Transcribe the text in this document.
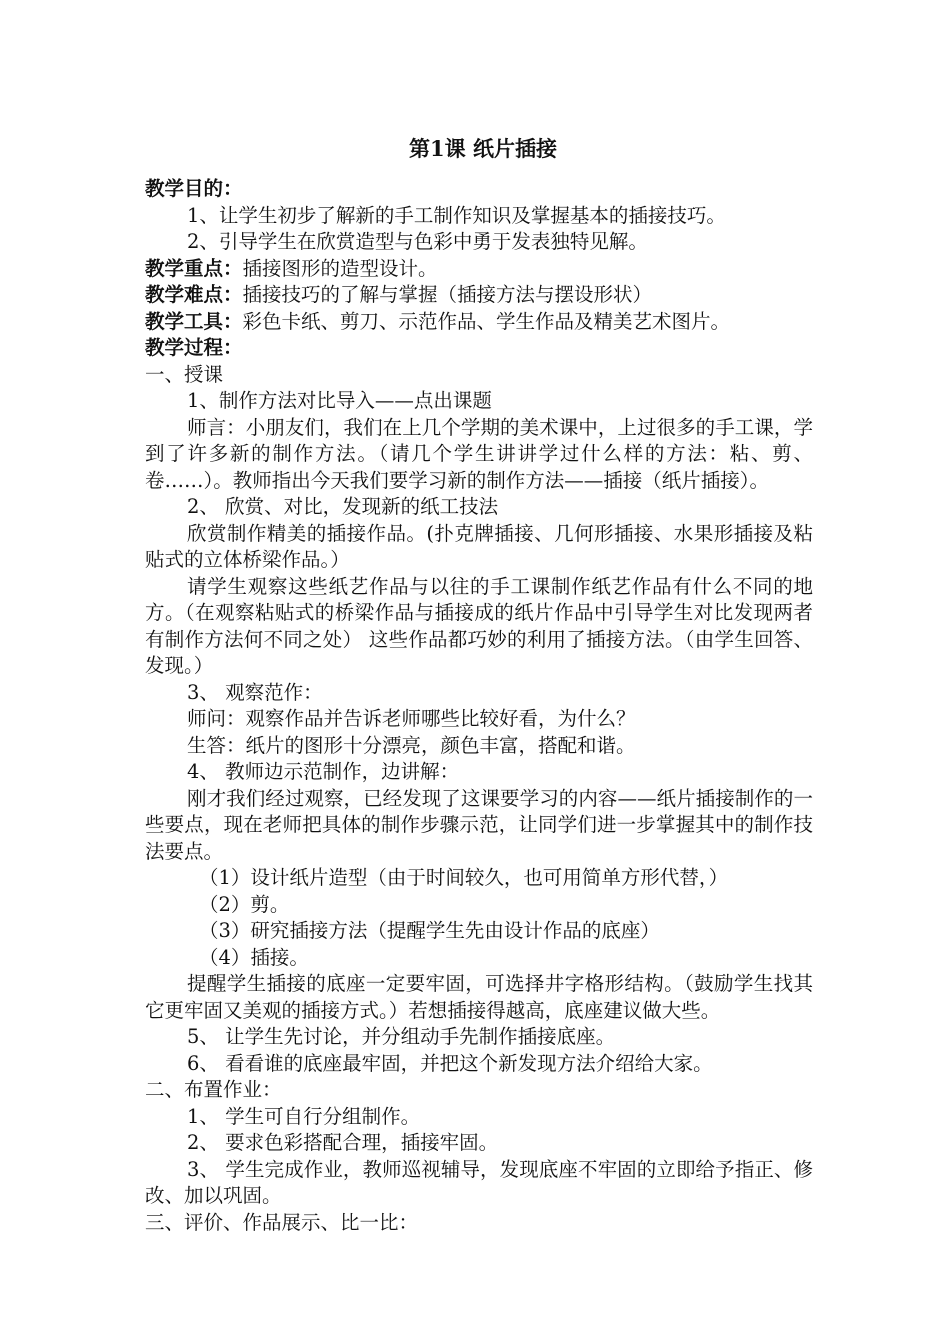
第1课 纸片插接
教学目的：
1、让学生初步了解新的手工制作知识及掌握基本的插接技巧。
2、引导学生在欣赏造型与色彩中勇于发表独特见解。
教学重点：插接图形的造型设计。
教学难点：插接技巧的了解与掌握（插接方法与摆设形状）
教学工具：彩色卡纸、剪刀、示范作品、学生作品及精美艺术图片。
教学过程：
一、授课
1、制作方法对比导入——点出课题
师言：小朋友们，我们在上几个学期的美术课中，上过很多的手工课，学到了许多新的制作方法。（请几个学生讲讲学过什么样的方法：粘、剪、卷……）。教师指出今天我们要学习新的制作方法——插接（纸片插接）。
2、 欣赏、对比，发现新的纸工技法
欣赏制作精美的插接作品。(扑克牌插接、几何形插接、水果形插接及粘贴式的立体桥梁作品。）
请学生观察这些纸艺作品与以往的手工课制作纸艺作品有什么不同的地方。（在观察粘贴式的桥梁作品与插接成的纸片作品中引导学生对比发现两者有制作方法何不同之处） 这些作品都巧妙的利用了插接方法。（由学生回答、发现。）
3、 观察范作：
师问：观察作品并告诉老师哪些比较好看，为什么？
生答：纸片的图形十分漂亮，颜色丰富，搭配和谐。
4、 教师边示范制作，边讲解：
刚才我们经过观察，已经发现了这课要学习的内容——纸片插接制作的一些要点，现在老师把具体的制作步骤示范，让同学们进一步掌握其中的制作技法要点。
（1）设计纸片造型（由于时间较久，也可用简单方形代替，）
（2）剪。
（3）研究插接方法（提醒学生先由设计作品的底座）
（4）插接。
提醒学生插接的底座一定要牢固，可选择井字格形结构。（鼓励学生找其它更牢固又美观的插接方式。）若想插接得越高，底座建议做大些。
5、 让学生先讨论，并分组动手先制作插接底座。
6、 看看谁的底座最牢固，并把这个新发现方法介绍给大家。
二、布置作业：
1、 学生可自行分组制作。
2、 要求色彩搭配合理，插接牢固。
3、 学生完成作业，教师巡视辅导，发现底座不牢固的立即给予指正、修改、加以巩固。
三、评价、作品展示、比一比：
